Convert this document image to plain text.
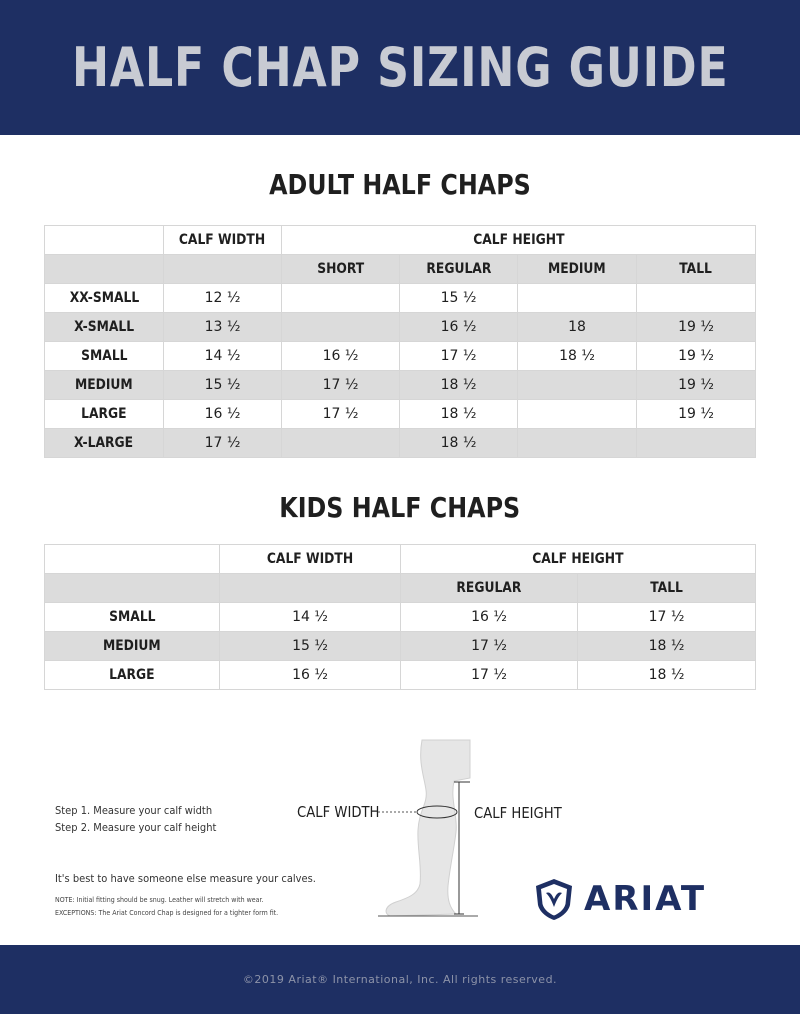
HALF CHAP SIZING GUIDE
ADULT HALF CHAPS
	CALF WIDTH	CALF HEIGHT			
		SHORT	REGULAR	MEDIUM	TALL
XX-SMALL	12 ½		15 ½		
X-SMALL	13 ½		16 ½	18	19 ½
SMALL	14 ½	16 ½	17 ½	18 ½	19 ½
MEDIUM	15 ½	17 ½	18 ½		19 ½
LARGE	16 ½	17 ½	18 ½		19 ½
X-LARGE	17 ½		18 ½		
KIDS HALF CHAPS
	CALF WIDTH	CALF HEIGHT	
		REGULAR	TALL
SMALL	14 ½	16 ½	17 ½
MEDIUM	15 ½	17 ½	18 ½
LARGE	16 ½	17 ½	18 ½
Step 1. Measure your calf width
Step 2. Measure your calf height
It's best to have someone else measure your calves.
NOTE: Initial fitting should be snug. Leather will stretch with wear.
EXCEPTIONS: The Ariat Concord Chap is designed for a tighter form fit.
CALF WIDTH	CALF HEIGHT
ARIAT
©2019 Ariat® International, Inc. All rights reserved.
